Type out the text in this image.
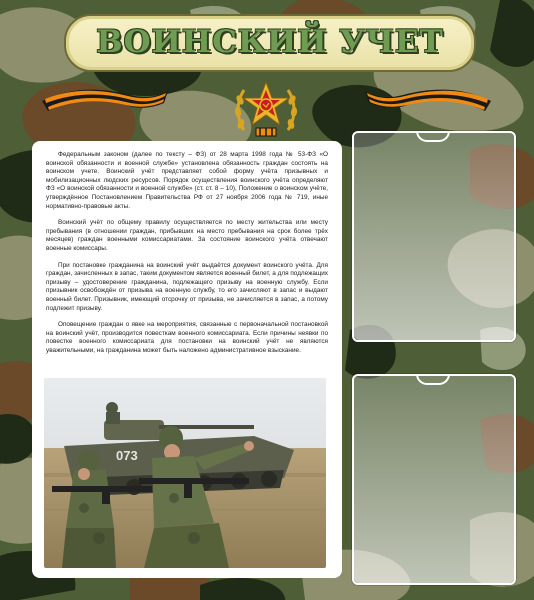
ВОИНСКИЙ УЧЕТ

Федеральным законом (далее по тексту – ФЗ) от 28 марта 1998 года № 53-ФЗ «О воинской обязанности и военной службе» установлена обязанность граждан состоять на воинском учете. Воинский учёт представляет собой форму учёта призывных и мобилизационных людских ресурсов. Порядок осуществления воинского учёта определяют ФЗ «О воинской обязанности и военной службе» (ст. ст. 8 – 10), Положение о воинском учёте, утверждённое Постановлением Правительства РФ от 27 ноября 2006 года № 719, иные нормативно-правовые акты.

Воинский учёт по общему правилу осуществляется по месту жительства или месту пребывания (в отношении граждан, прибывших на место пребывания на срок более трёх месяцев) граждан военными комиссариатами. За состояние воинского учёта отвечают военные комиссары.

При постановке гражданина на воинский учёт выдаётся документ воинского учёта. Для граждан, зачисленных в запас, таким документом является военный билет, а для подлежащих призыву – удостоверение гражданина, подлежащего призыву на военную службу. Если призывник освобождён от призыва на военную службу, то его зачисляют в запас и выдают военный билет. Призывник, имеющий отсрочку от призыва, не зачисляется в запас, а потому подлежит призыву.

Оповещение граждан о явке на мероприятия, связанные с первоначальной постановкой на воинский учёт, производится повесткам военного комиссариата. Если причины неявки по повестке военного комиссариата для постановки на воинский учёт не являются уважительными, на гражданина может быть наложено административное взыскание.

073
